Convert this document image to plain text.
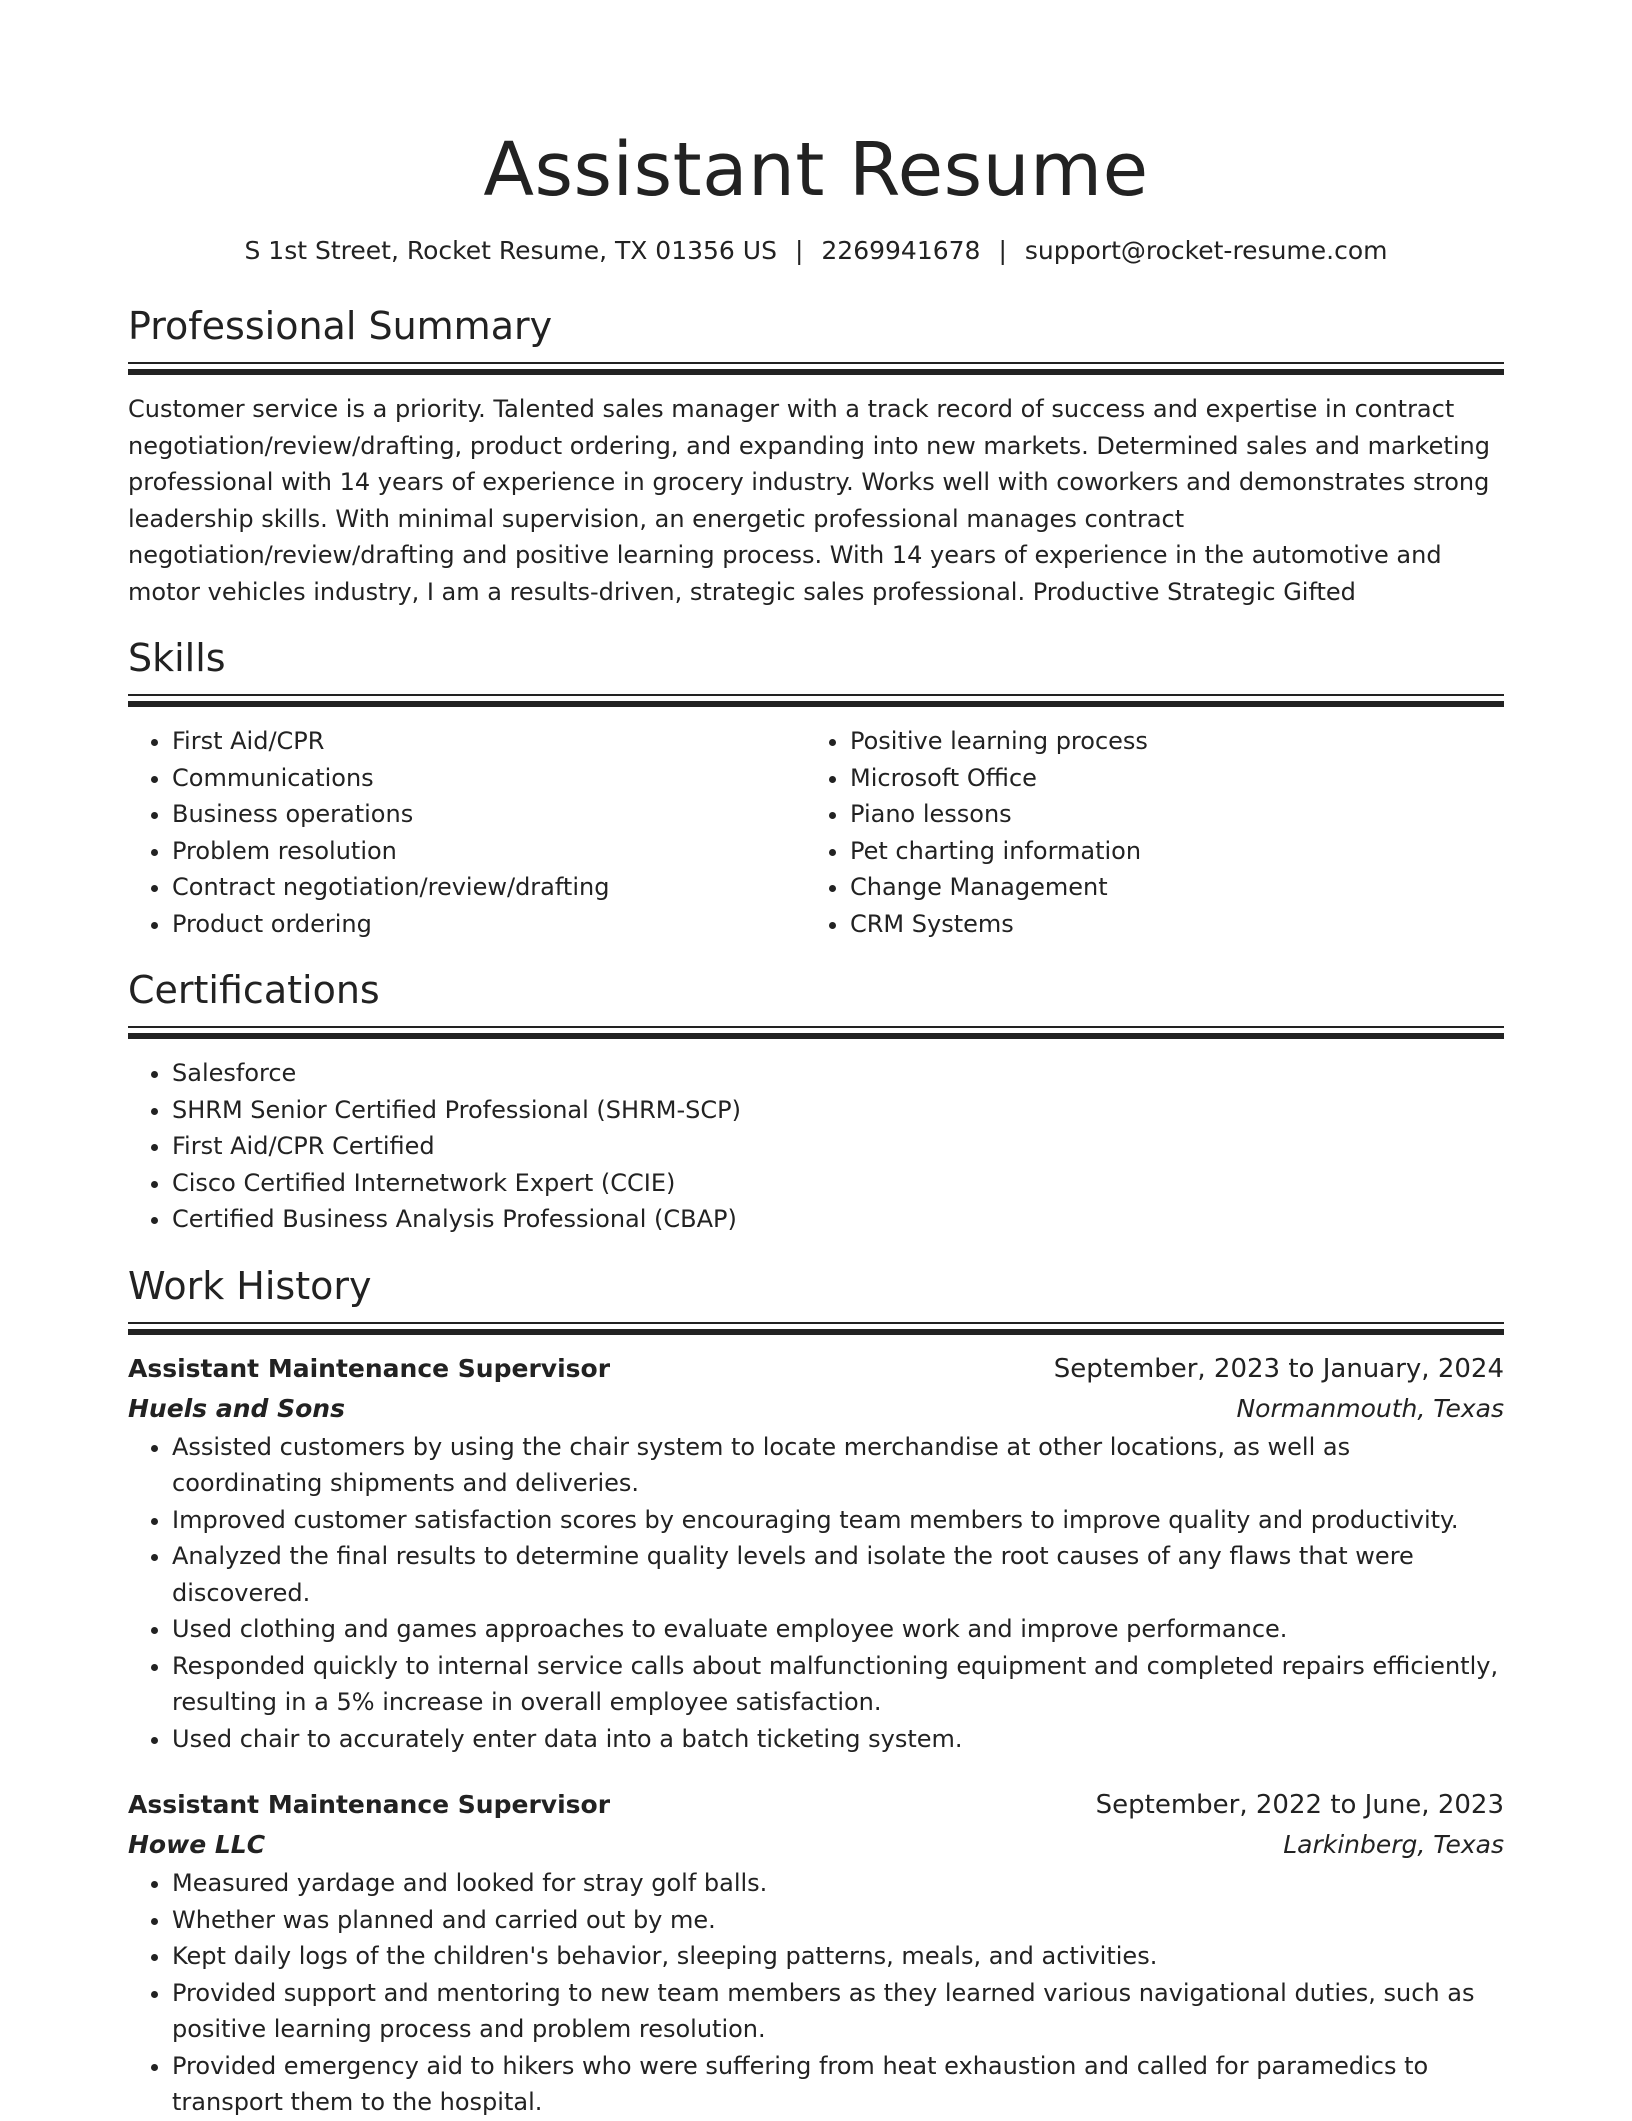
Assistant Resume
S 1st Street, Rocket Resume, TX 01356 US | 2269941678 | support@rocket-resume.com
Professional Summary

Customer service is a priority. Talented sales manager with a track record of success and expertise in contract negotiation/review/drafting, product ordering, and expanding into new markets. Determined sales and marketing professional with 14 years of experience in grocery industry. Works well with coworkers and demonstrates strong leadership skills. With minimal supervision, an energetic professional manages contract negotiation/review/drafting and positive learning process. With 14 years of experience in the automotive and motor vehicles industry, I am a results-driven, strategic sales professional. Productive Strategic Gifted

Skills
• First Aid/CPR
• Communications
• Business operations
• Problem resolution
• Contract negotiation/review/drafting
• Product ordering
• Positive learning process
• Microsoft Office
• Piano lessons
• Pet charting information
• Change Management
• CRM Systems
Certifications
• Salesforce
• SHRM Senior Certified Professional (SHRM-SCP)
• First Aid/CPR Certified
• Cisco Certified Internetwork Expert (CCIE)
• Certified Business Analysis Professional (CBAP)
Work History
Assistant Maintenance Supervisor	September, 2023 to January, 2024
Huels and Sons	Normanmouth, Texas
• Assisted customers by using the chair system to locate merchandise at other locations, as well as coordinating shipments and deliveries.
• Improved customer satisfaction scores by encouraging team members to improve quality and productivity.
• Analyzed the final results to determine quality levels and isolate the root causes of any flaws that were discovered.
• Used clothing and games approaches to evaluate employee work and improve performance.
• Responded quickly to internal service calls about malfunctioning equipment and completed repairs efficiently, resulting in a 5% increase in overall employee satisfaction.
• Used chair to accurately enter data into a batch ticketing system.
Assistant Maintenance Supervisor	September, 2022 to June, 2023
Howe LLC	Larkinberg, Texas
• Measured yardage and looked for stray golf balls.
• Whether was planned and carried out by me.
• Kept daily logs of the children's behavior, sleeping patterns, meals, and activities.
• Provided support and mentoring to new team members as they learned various navigational duties, such as positive learning process and problem resolution.
• Provided emergency aid to hikers who were suffering from heat exhaustion and called for paramedics to transport them to the hospital.
